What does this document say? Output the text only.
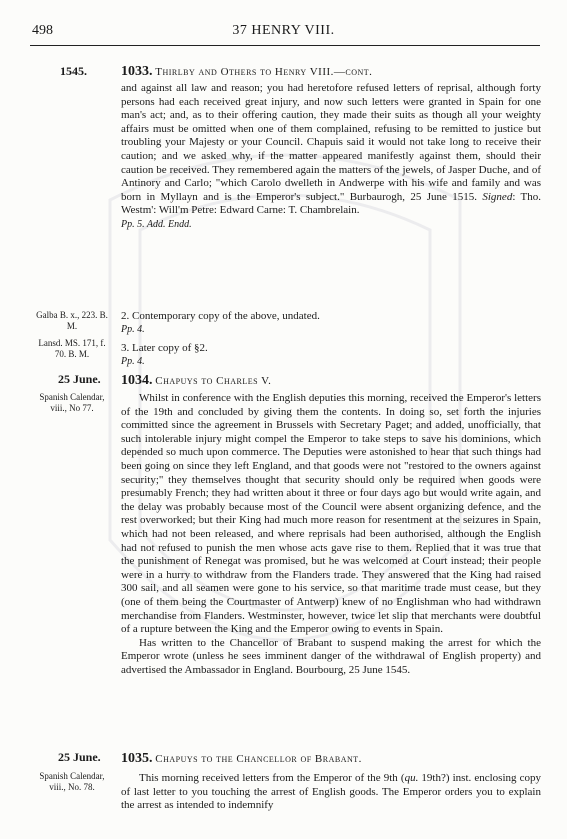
498	37 HENRY VIII.
1545.	1033. Thirlby and Others to Henry VIII.—cont.

and against all law and reason; you had heretofore refused letters of reprisal, although forty persons had each received great injury, and now such letters were granted in Spain for one man's act; and, as to their offering caution, they made their suits as though all your weighty affairs must be omitted when one of them complained, refusing to be remitted to justice but troubling your Majesty or your Council. Chapuis said it would not take long to receive their caution; and we asked why, if the matter appeared manifestly against them, should their caution be received. They remembered again the matters of the jewels, of Jasper Duche, and of Antinory and Carlo; "which Carolo dwelleth in Andwerpe with his wife and family and was born in Myllayn and is the Emperor's subject." Burbaurogh, 25 June 1515. Signed: Tho. Westm': Will'm Petre: Edward Carne: T. Chambrelain.

Pp. 5. Add. Endd.

Galba B. x., 223. B. M.
2. Contemporary copy of the above, undated.
Pp. 4.
Lansd. MS. 171, f. 70. B. M.	3. Later copy of §2.
Pp. 4.
25 June.
Spanish Calendar, viii., No 77.
1034. Chapuys to Charles V.

Whilst in conference with the English deputies this morning, received the Emperor's letters of the 19th and concluded by giving them the contents. In doing so, set forth the injuries committed since the agreement in Brussels with Secretary Paget; and added, unofficially, that such intolerable injury might compel the Emperor to take steps to save his dominions, which depended so much upon commerce. The Deputies were astonished to hear that such things had been going on since they left England, and that goods were not "restored to the owners against security;" they themselves thought that security should only be required when goods were presumably French; they had written about it three or four days ago but would write again, and the delay was probably because most of the Council were absent organizing defence, and the rest overworked; but their King had much more reason for resentment at the seizures in Spain, which had not been released, and where reprisals had been authorised, although the English had not refused to punish the men whose acts gave rise to them. Replied that it was true that the punishment of Renegat was promised, but he was welcomed at Court instead; their people were in a hurry to withdraw from the Flanders trade. They answered that the King had raised 300 sail, and all seamen were gone to his service, so that maritime trade must cease, but they (one of them being the Courtmaster of Antwerp) knew of no Englishman who had withdrawn merchandise from Flanders. Westminster, however, twice let slip that merchants were doubtful of a rupture between the King and the Emperor owing to events in Spain.

Has written to the Chancellor of Brabant to suspend making the arrest for which the Emperor wrote (unless he sees imminent danger of the withdrawal of English property) and advertised the Ambassador in England. Bourbourg, 25 June 1545.

25 June.
Spanish Calendar, viii., No. 78.
1035. Chapuys to the Chancellor of Brabant.

This morning received letters from the Emperor of the 9th (qu. 19th?) inst. enclosing copy of last letter to you touching the arrest of English goods. The Emperor orders you to explain the arrest as intended to indemnify
